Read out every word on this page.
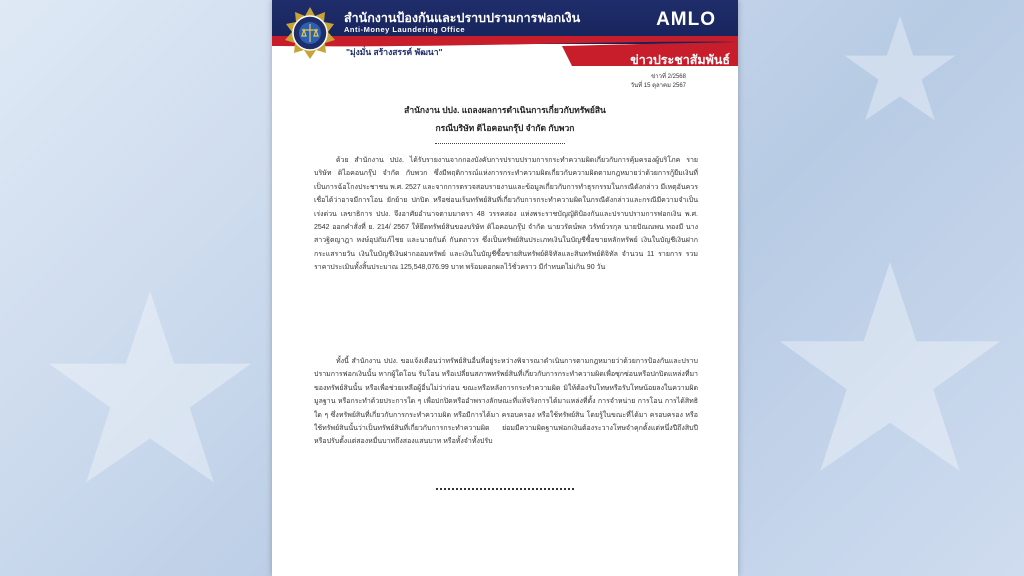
สำนักงานป้องกันและปราบปรามการฟอกเงิน
Anti-Money Laundering Office	AMLO
"มุ่งมั่น สร้างสรรค์ พัฒนา"
ข่าวประชาสัมพันธ์
ข่าวที่ 2/2568
วันที่ 15 ตุลาคม 2567
สำนักงาน ปปง. แถลงผลการดำเนินการเกี่ยวกับทรัพย์สิน
กรณีบริษัท ดิไอคอนกรุ๊ป จำกัด กับพวก
ด้วย สำนักงาน ปปง. ได้รับรายงานจากกองบังคับการปราบปรามการกระทำความผิดเกี่ยวกับการคุ้มครองผู้บริโภค รายบริษัท ดิไอคอนกรุ๊ป จำกัด กับพวก ซึ่งมีพฤติการณ์แห่งการกระทำความผิดเกี่ยวกับความผิดตามกฎหมายว่าด้วยการกู้ยืมเงินที่เป็นการฉ้อโกงประชาชน พ.ศ. 2527 และจากการตรวจสอบรายงานและข้อมูลเกี่ยวกับการทำธุรกรรมในกรณีดังกล่าว มีเหตุอันควรเชื่อได้ว่าอาจมีการโอน ยักย้าย ปกปิด หรือซ่อนเร้นทรัพย์สินที่เกี่ยวกับการกระทำความผิดในกรณีดังกล่าวและกรณีมีความจำเป็น เร่งด่วน เลขาธิการ ปปง. จึงอาศัยอำนาจตามมาตรา 48 วรรคสอง แห่งพระราชบัญญัติป้องกันและปราบปรามการฟอกเงิน พ.ศ. 2542 ออกคำสั่งที่ ย. 214/ 2567 ให้ยึดทรัพย์สินของบริษัท ดิไอคอนกรุ๊ป จำกัด นายวรัตน์พล วรัทย์วรกุล นายปัณณพน ทองมี นางสาวฐิตญาฎา หงษ์อุปถัมภ์ไชย และนายกันต์ กันตถาวร ซึ่งเป็นทรัพย์สินประเภทเงินในบัญชีซื้อขายหลักทรัพย์ เงินในบัญชีเงินฝากกระแสรายวัน เงินในบัญชีเงินฝากออมทรัพย์ และเงินในบัญชีซื้อขายสินทรัพย์ดิจิทัลและสินทรัพย์ดิจิทัล จำนวน 11 รายการ รวมราคาประเมินทั้งสิ้นประมาณ 125,548,076.99 บาท พร้อมดอกผลไว้ชั่วคราว มีกำหนดไม่เกิน 90 วัน
ทั้งนี้ สำนักงาน ปปง. ขอแจ้งเตือนว่าทรัพย์สินอื่นที่อยู่ระหว่างพิจารณาดำเนินการตามกฎหมายว่าด้วยการป้องกันและปราบปรามการฟอกเงินนั้น หากผู้ใดโอน รับโอน หรือเปลี่ยนสภาพทรัพย์สินที่เกี่ยวกับการกระทำความผิดเพื่อซุกซ่อนหรือปกปิดแหล่งที่มาของทรัพย์สินนั้น หรือเพื่อช่วยเหลือผู้อื่นไม่ว่าก่อน ขณะหรือหลังการกระทำความผิด มิให้ต้องรับโทษหรือรับโทษน้อยลงในความผิดมูลฐาน หรือกระทำด้วยประการใด ๆ เพื่อปกปิดหรืออำพรางลักษณะที่แท้จริงการได้มาแหล่งที่ตั้ง การจำหน่าย การโอน การได้สิทธิใด ๆ ซึ่งทรัพย์สินที่เกี่ยวกับการกระทำความผิด หรือมีการได้มา ครอบครอง หรือใช้ทรัพย์สิน โดยรู้ในขณะที่ได้มา ครอบครอง หรือใช้ทรัพย์สินนั้นว่าเป็นทรัพย์สินที่เกี่ยวกับการกระทำความผิด ย่อมมีความผิดฐานฟอกเงินต้องระวางโทษจำคุกตั้งแต่หนึ่งปีถึงสิบปี หรือปรับตั้งแต่สองหมื่นบาทถึงสองแสนบาท หรือทั้งจำทั้งปรับ
